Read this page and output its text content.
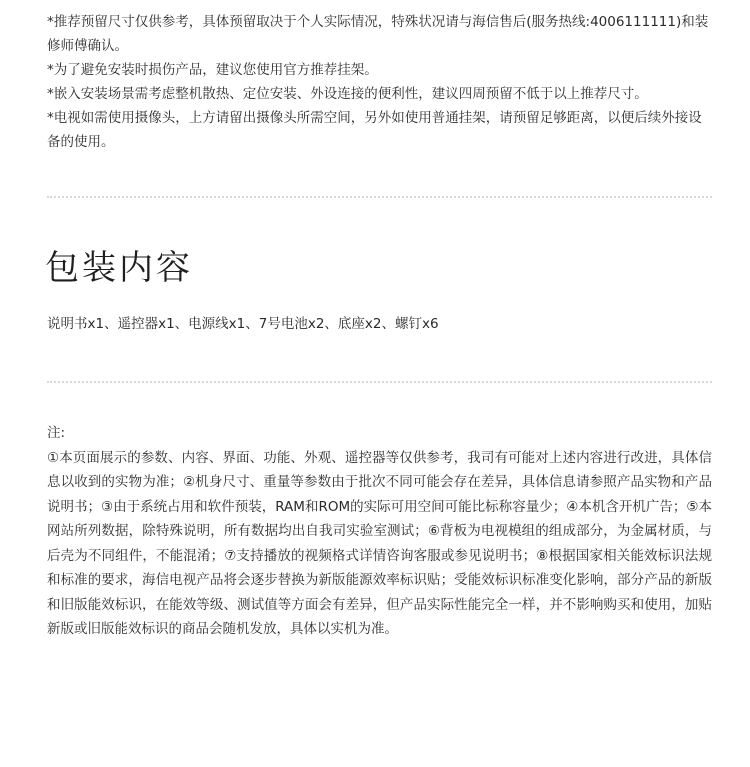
*推荐预留尺寸仅供参考，具体预留取决于个人实际情况，特殊状况请与海信售后(服务热线:4006111111)和装修师傅确认。

*为了避免安装时损伤产品，建议您使用官方推荐挂架。

*嵌入安装场景需考虑整机散热、定位安装、外设连接的便利性，建议四周预留不低于以上推荐尺寸。

*电视如需使用摄像头，上方请留出摄像头所需空间，另外如使用普通挂架，请预留足够距离，以便后续外接设备的使用。

包装内容

说明书x1、遥控器x1、电源线x1、7号电池x2、底座x2、螺钉x6

注:

①本页面展示的参数、内容、界面、功能、外观、遥控器等仅供参考，我司有可能对上述内容进行改进，具体信息以收到的实物为准；②机身尺寸、重量等参数由于批次不同可能会存在差异，具体信息请参照产品实物和产品说明书；③由于系统占用和软件预装，RAM和ROM的实际可用空间可能比标称容量少；④本机含开机广告；⑤本网站所列数据，除特殊说明，所有数据均出自我司实验室测试；⑥背板为电视模组的组成部分，为金属材质，与后壳为不同组件，不能混淆；⑦支持播放的视频格式详情咨询客服或参见说明书；⑧根据国家相关能效标识法规和标准的要求，海信电视产品将会逐步替换为新版能源效率标识贴；受能效标识标准变化影响，部分产品的新版和旧版能效标识，在能效等级、测试值等方面会有差异，但产品实际性能完全一样，并不影响购买和使用，加贴新版或旧版能效标识的商品会随机发放，具体以实机为准。
